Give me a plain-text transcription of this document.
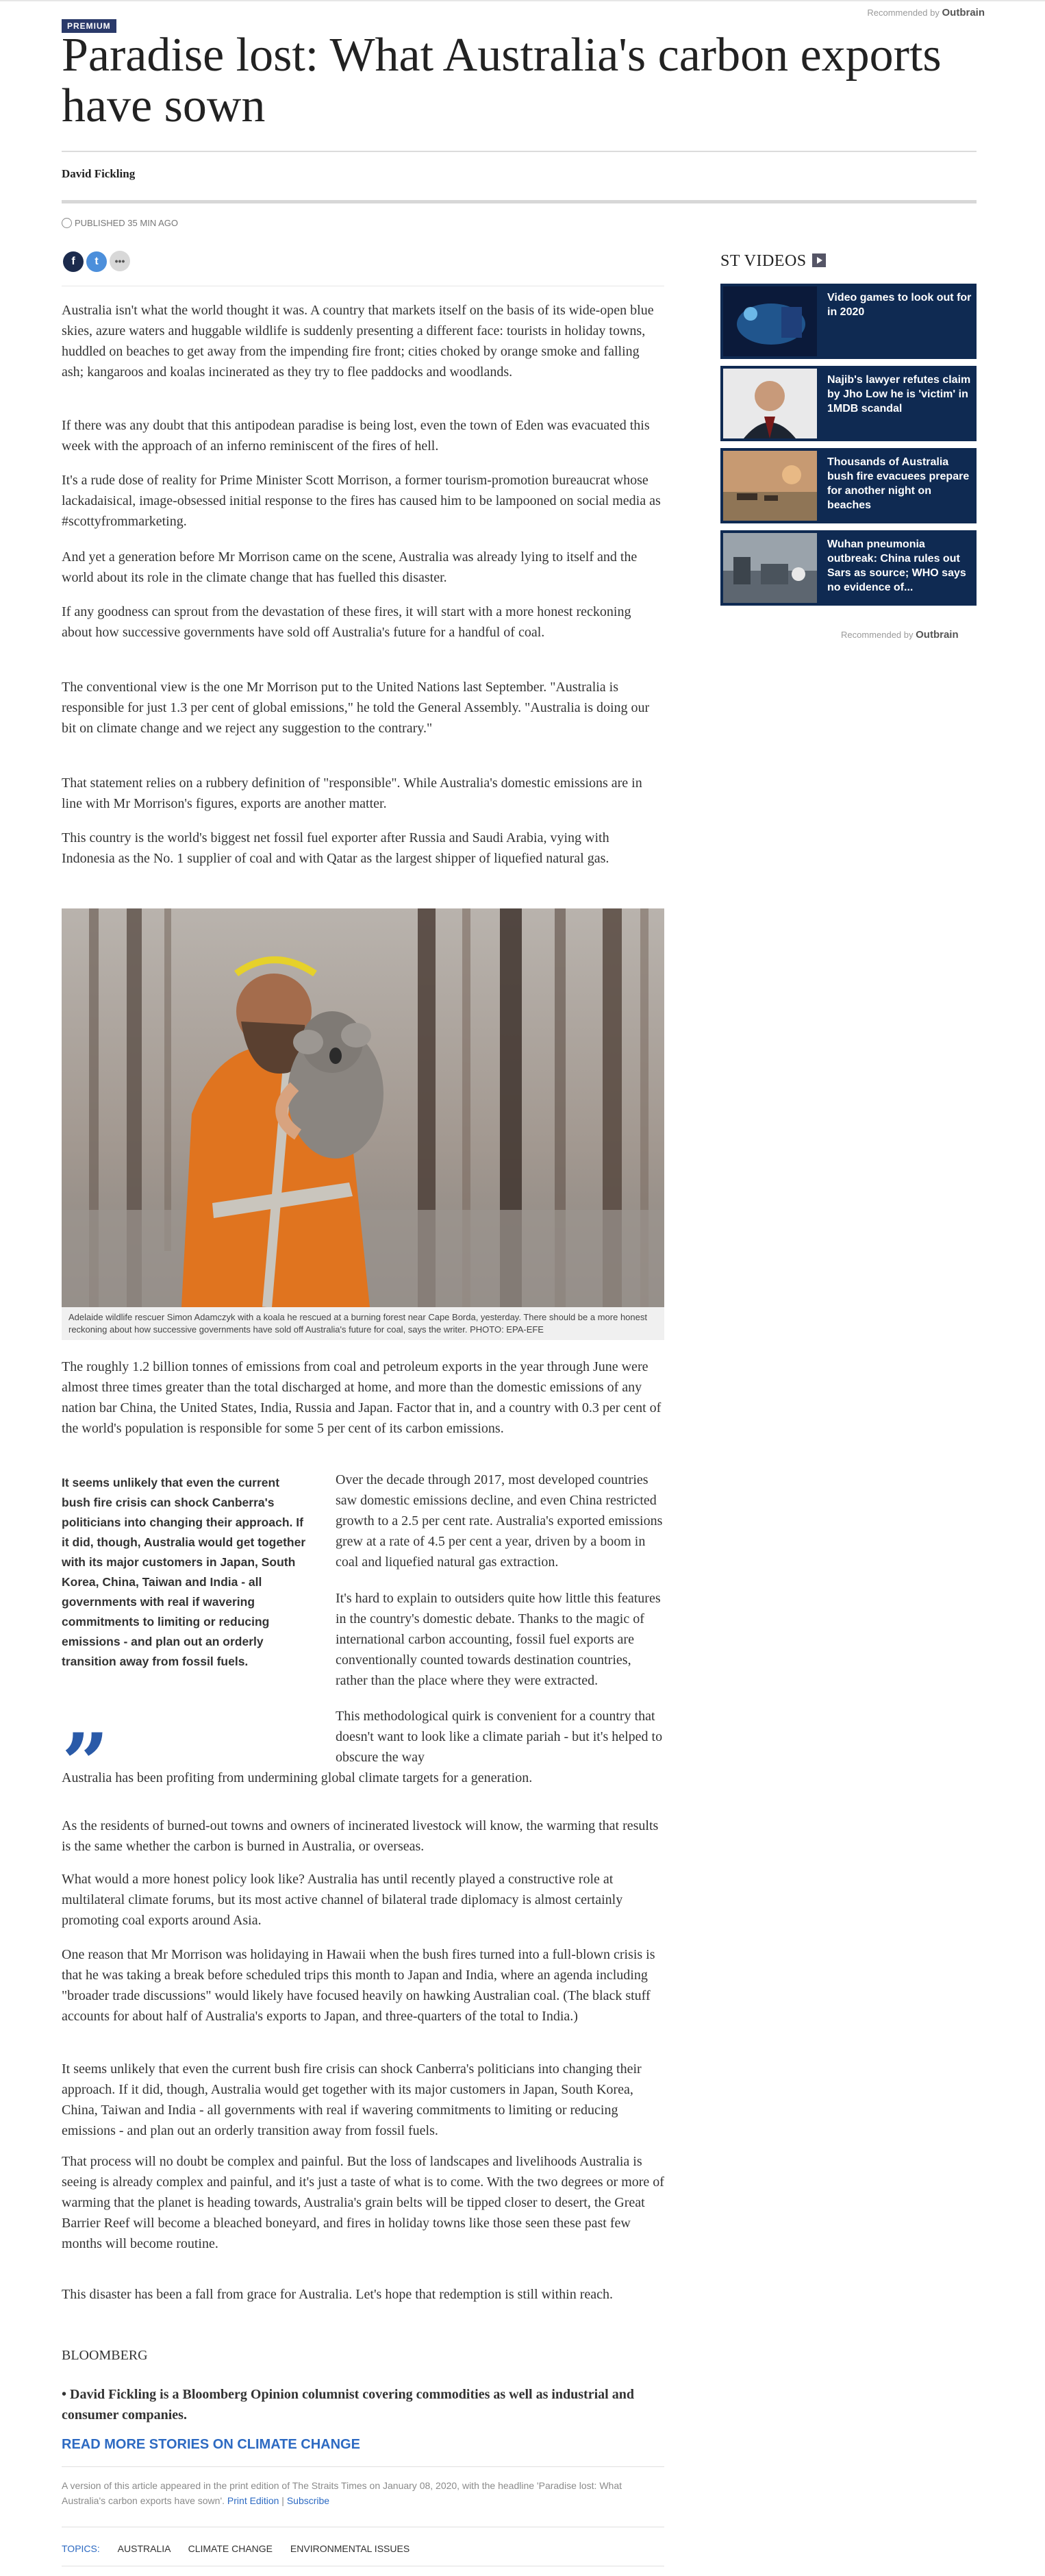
Recommended by Outbrain
PREMIUM
Paradise lost: What Australia's carbon exports have sown
David Fickling
PUBLISHED 35 MIN AGO
f t •••

Australia isn't what the world thought it was. A country that markets itself on the basis of its wide-open blue skies, azure waters and huggable wildlife is suddenly presenting a different face: tourists in holiday towns, huddled on beaches to get away from the impending fire front; cities choked by orange smoke and falling ash; kangaroos and koalas incinerated as they try to flee paddocks and woodlands.

If there was any doubt that this antipodean paradise is being lost, even the town of Eden was evacuated this week with the approach of an inferno reminiscent of the fires of hell.

It's a rude dose of reality for Prime Minister Scott Morrison, a former tourism-promotion bureaucrat whose lackadaisical, image-obsessed initial response to the fires has caused him to be lampooned on social media as #scottyfrommarketing.

And yet a generation before Mr Morrison came on the scene, Australia was already lying to itself and the world about its role in the climate change that has fuelled this disaster.

If any goodness can sprout from the devastation of these fires, it will start with a more honest reckoning about how successive governments have sold off Australia's future for a handful of coal.

The conventional view is the one Mr Morrison put to the United Nations last September. "Australia is responsible for just 1.3 per cent of global emissions," he told the General Assembly. "Australia is doing our bit on climate change and we reject any suggestion to the contrary."

That statement relies on a rubbery definition of "responsible". While Australia's domestic emissions are in line with Mr Morrison's figures, exports are another matter.

This country is the world's biggest net fossil fuel exporter after Russia and Saudi Arabia, vying with Indonesia as the No. 1 supplier of coal and with Qatar as the largest shipper of liquefied natural gas.

Adelaide wildlife rescuer Simon Adamczyk with a koala he rescued at a burning forest near Cape Borda, yesterday. There should be a more honest reckoning about how successive governments have sold off Australia's future for coal, says the writer. PHOTO: EPA-EFE

The roughly 1.2 billion tonnes of emissions from coal and petroleum exports in the year through June were almost three times greater than the total discharged at home, and more than the domestic emissions of any nation bar China, the United States, India, Russia and Japan. Factor that in, and a country with 0.3 per cent of the world's population is responsible for some 5 per cent of its carbon emissions.

It seems unlikely that even the current bush fire crisis can shock Canberra's politicians into changing their approach. If it did, though, Australia would get together with its major customers in Japan, South Korea, China, Taiwan and India - all governments with real if wavering commitments to limiting or reducing emissions - and plan out an orderly transition away from fossil fuels.
”

Over the decade through 2017, most developed countries saw domestic emissions decline, and even China restricted growth to a 2.5 per cent rate. Australia's exported emissions grew at a rate of 4.5 per cent a year, driven by a boom in coal and liquefied natural gas extraction.

It's hard to explain to outsiders quite how little this features in the country's domestic debate. Thanks to the magic of international carbon accounting, fossil fuel exports are conventionally counted towards destination countries, rather than the place where they were extracted.

This methodological quirk is convenient for a country that doesn't want to look like a climate pariah - but it's helped to obscure the way

Australia has been profiting from undermining global climate targets for a generation.

As the residents of burned-out towns and owners of incinerated livestock will know, the warming that results is the same whether the carbon is burned in Australia, or overseas.

What would a more honest policy look like? Australia has until recently played a constructive role at multilateral climate forums, but its most active channel of bilateral trade diplomacy is almost certainly promoting coal exports around Asia.

One reason that Mr Morrison was holidaying in Hawaii when the bush fires turned into a full-blown crisis is that he was taking a break before scheduled trips this month to Japan and India, where an agenda including "broader trade discussions" would likely have focused heavily on hawking Australian coal. (The black stuff accounts for about half of Australia's exports to Japan, and three-quarters of the total to India.)

It seems unlikely that even the current bush fire crisis can shock Canberra's politicians into changing their approach. If it did, though, Australia would get together with its major customers in Japan, South Korea, China, Taiwan and India - all governments with real if wavering commitments to limiting or reducing emissions - and plan out an orderly transition away from fossil fuels.

That process will no doubt be complex and painful. But the loss of landscapes and livelihoods Australia is seeing is already complex and painful, and it's just a taste of what is to come. With the two degrees or more of warming that the planet is heading towards, Australia's grain belts will be tipped closer to desert, the Great Barrier Reef will become a bleached boneyard, and fires in holiday towns like those seen these past few months will become routine.

This disaster has been a fall from grace for Australia. Let's hope that redemption is still within reach.

BLOOMBERG
• David Fickling is a Bloomberg Opinion columnist covering commodities as well as industrial and consumer companies.
READ MORE STORIES ON CLIMATE CHANGE
A version of this article appeared in the print edition of The Straits Times on January 08, 2020, with the headline 'Paradise lost: What Australia's carbon exports have sown'. Print Edition | Subscribe
TOPICS: AUSTRALIA CLIMATE CHANGE ENVIRONMENTAL ISSUES
ST VIDEOS
Video games to look out for in 2020
Najib's lawyer refutes claim by Jho Low he is 'victim' in 1MDB scandal
Thousands of Australia bush fire evacuees prepare for another night on beaches
Wuhan pneumonia outbreak: China rules out Sars as source; WHO says no evidence of...
Recommended by Outbrain
